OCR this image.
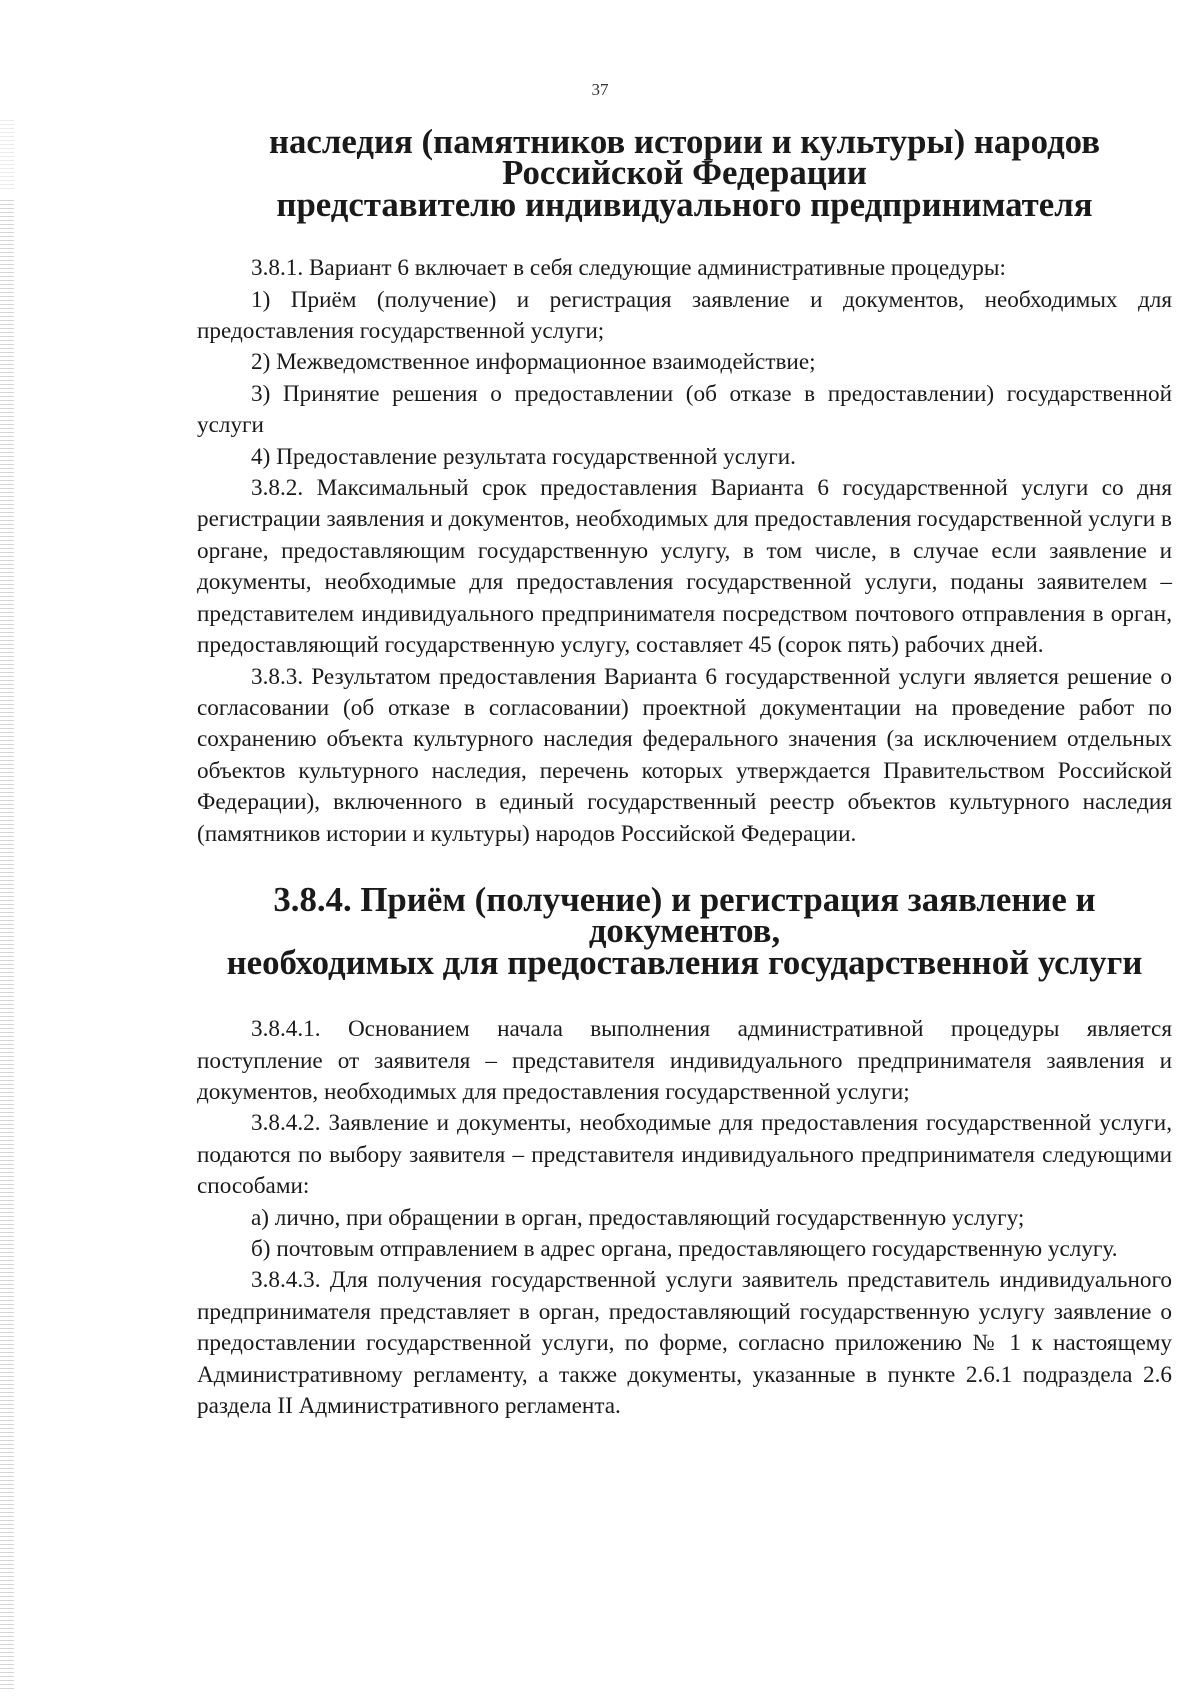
37
наследия (памятников истории и культуры) народов Российской Федерации
представителю индивидуального предпринимателя

3.8.1. Вариант 6 включает в себя следующие административные процедуры:

1) Приём (получение) и регистрация заявление и документов, необходимых для предоставления государственной услуги;

2) Межведомственное информационное взаимодействие;

3) Принятие решения о предоставлении (об отказе в предоставлении) государственной услуги

4) Предоставление результата государственной услуги.

3.8.2. Максимальный срок предоставления Варианта 6 государственной услуги со дня регистрации заявления и документов, необходимых для предоставления государственной услуги в органе, предоставляющим государственную услугу, в том числе, в случае если заявление и документы, необходимые для предоставления государственной услуги, поданы заявителем – представителем индивидуального предпринимателя посредством почтового отправления в орган, предоставляющий государственную услугу, составляет 45 (сорок пять) рабочих дней.

3.8.3. Результатом предоставления Варианта 6 государственной услуги является решение о согласовании (об отказе в согласовании) проектной документации на проведение работ по сохранению объекта культурного наследия федерального значения (за исключением отдельных объектов культурного наследия, перечень которых утверждается Правительством Российской Федерации), включенного в единый государственный реестр объектов культурного наследия (памятников истории и культуры) народов Российской Федерации.

3.8.4. Приём (получение) и регистрация заявление и документов,
необходимых для предоставления государственной услуги

3.8.4.1. Основанием начала выполнения административной процедуры является поступление от заявителя – представителя индивидуального предпринимателя заявления и документов, необходимых для предоставления государственной услуги;

3.8.4.2. Заявление и документы, необходимые для предоставления государственной услуги, подаются по выбору заявителя – представителя индивидуального предпринимателя следующими способами:

а) лично, при обращении в орган, предоставляющий государственную услугу;

б) почтовым отправлением в адрес органа, предоставляющего государственную услугу.

3.8.4.3. Для получения государственной услуги заявитель представитель индивидуального предпринимателя представляет в орган, предоставляющий государственную услугу заявление о предоставлении государственной услуги, по форме, согласно приложению № 1 к настоящему Административному регламенту, а также документы, указанные в пункте 2.6.1 подраздела 2.6 раздела II Административного регламента.
